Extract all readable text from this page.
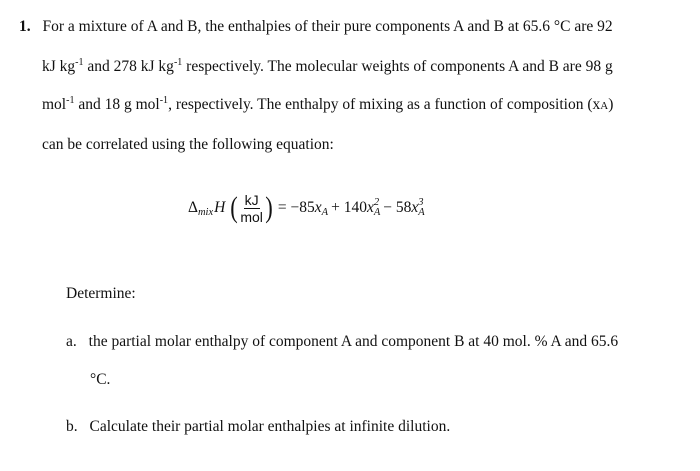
1. For a mixture of A and B, the enthalpies of their pure components A and B at 65.6 °C are 92
kJ $kg^{-1}$ and 278 kJ $kg^{-1}$ respectively. The molecular weights of components A and B are 98 g
mol$^{-1}$ and 18 g mol$^{-1}$, respectively. The enthalpy of mixing as a function of composition (xA)
can be correlated using the following equation:
Δ mix H ( $\frac{kJ}{\text{mol}}$ ) = −85 x A + 140 x 2
A − 58 x 3
A
Determine:
a. the partial molar enthalpy of component A and component B at 40 mol. % A and 65.6
°C.
b. Calculate their partial molar enthalpies at infinite dilution.
